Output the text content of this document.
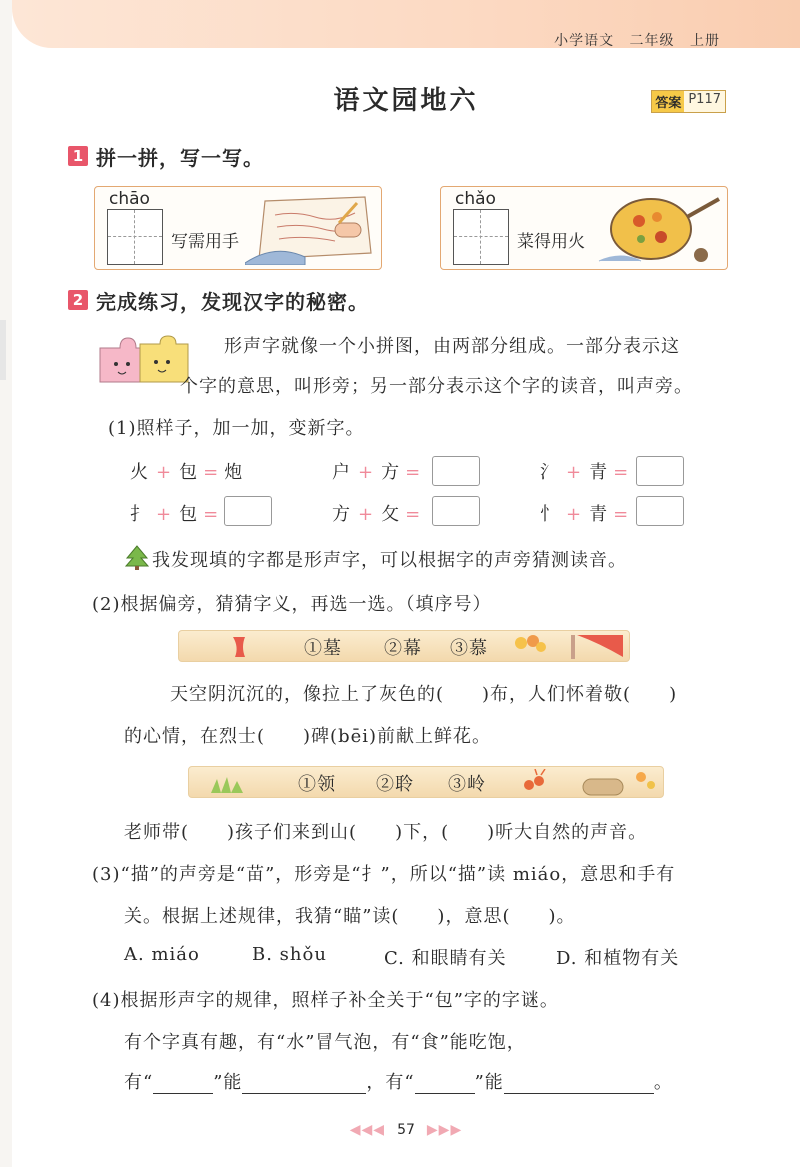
小学语文 二年级 上册
语文园地六	答案 P117
1 拼一拼，写一写。
chāo
写需用手
chǎo
菜得用火
2 完成练习，发现汉字的秘密。
形声字就像一个小拼图，由两部分组成。一部分表示这
个字的意思，叫形旁；另一部分表示这个字的读音，叫声旁。
(1)照样子，加一加，变新字。
火 + 包 = 炮	户 + 方 =	氵 + 青 =
扌 + 包 =	方 + 攵 =	忄 + 青 =
我发现填的字都是形声字，可以根据字的声旁猜测读音。
(2)根据偏旁，猜猜字义，再选一选。（填序号）
①墓 ②幕 ③慕
天空阴沉沉的，像拉上了灰色的(　　)布，人们怀着敬(　　)
的心情，在烈士(　　)碑(bēi)前献上鲜花。
①领 ②聆 ③岭
老师带(　　)孩子们来到山(　　)下，(　　)听大自然的声音。
(3)“描”的声旁是“苗”，形旁是“扌”，所以“描”读 miáo，意思和手有
关。根据上述规律，我猜“瞄”读(　　)，意思(　　)。
A. miáo	B. shǒu	C. 和眼睛有关	D. 和植物有关
(4)根据形声字的规律，照样子补全关于“包”字的字谜。
有个字真有趣，有“水”冒气泡，有“食”能吃饱，
有“	”能	，有“	”能	。
◀◀◀ 57 ▶▶▶
